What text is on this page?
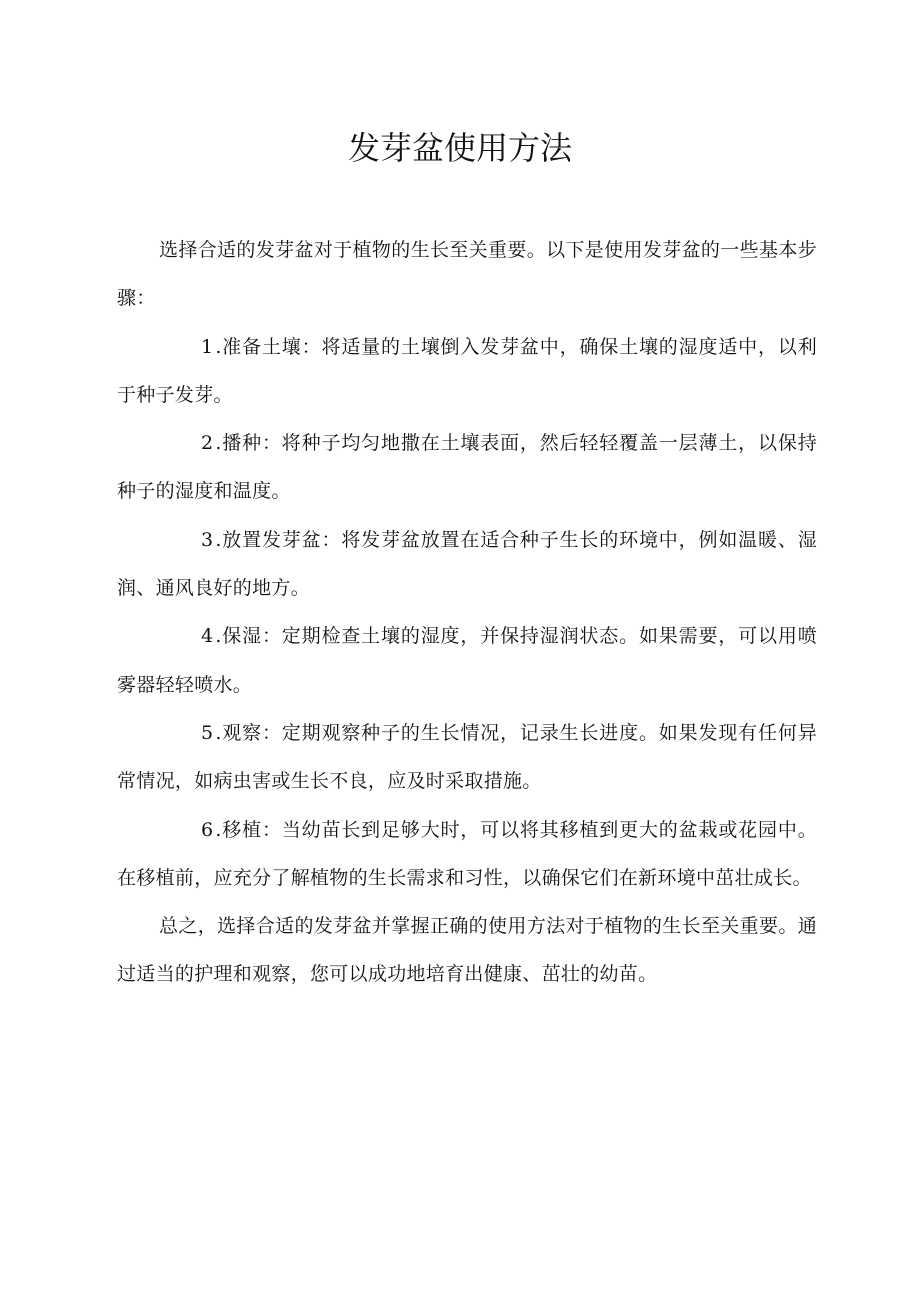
发芽盆使用方法

选择合适的发芽盆对于植物的生长至关重要。以下是使用发芽盆的一些基本步骤：

1 .准备土壤：将适量的土壤倒入发芽盆中，确保土壤的湿度适中，以利于种子发芽。

2 .播种：将种子均匀地撒在土壤表面，然后轻轻覆盖一层薄土，以保持种子的湿度和温度。

3 .放置发芽盆：将发芽盆放置在适合种子生长的环境中，例如温暖、湿润、通风良好的地方。

4 .保湿：定期检查土壤的湿度，并保持湿润状态。如果需要，可以用喷雾器轻轻喷水。

5 .观察：定期观察种子的生长情况，记录生长进度。如果发现有任何异常情况，如病虫害或生长不良，应及时采取措施。

6 .移植：当幼苗长到足够大时，可以将其移植到更大的盆栽或花园中。在移植前，应充分了解植物的生长需求和习性，以确保它们在新环境中茁壮成长。

总之，选择合适的发芽盆并掌握正确的使用方法对于植物的生长至关重要。通过适当的护理和观察，您可以成功地培育出健康、茁壮的幼苗。
